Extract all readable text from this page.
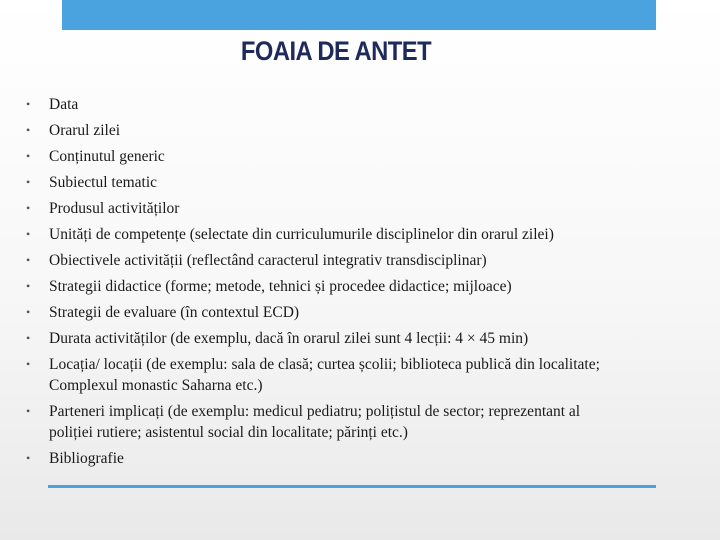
FOAIA DE ANTET
• Data
• Orarul zilei
• Conținutul generic
• Subiectul tematic
• Produsul activităților
• Unități de competențe (selectate din curriculumurile disciplinelor din orarul zilei)
• Obiectivele activității (reflectând caracterul integrativ transdisciplinar)
• Strategii didactice (forme; metode, tehnici și procedee didactice; mijloace)
• Strategii de evaluare (în contextul ECD)
• Durata activităților (de exemplu, dacă în orarul zilei sunt 4 lecții: 4 × 45 min)
• Locația/ locații (de exemplu: sala de clasă; curtea școlii; biblioteca publică din localitate; Complexul monastic Saharna etc.)
• Parteneri implicați (de exemplu: medicul pediatru; polițistul de sector; reprezentant al poliției rutiere; asistentul social din localitate; părinți etc.)
• Bibliografie
